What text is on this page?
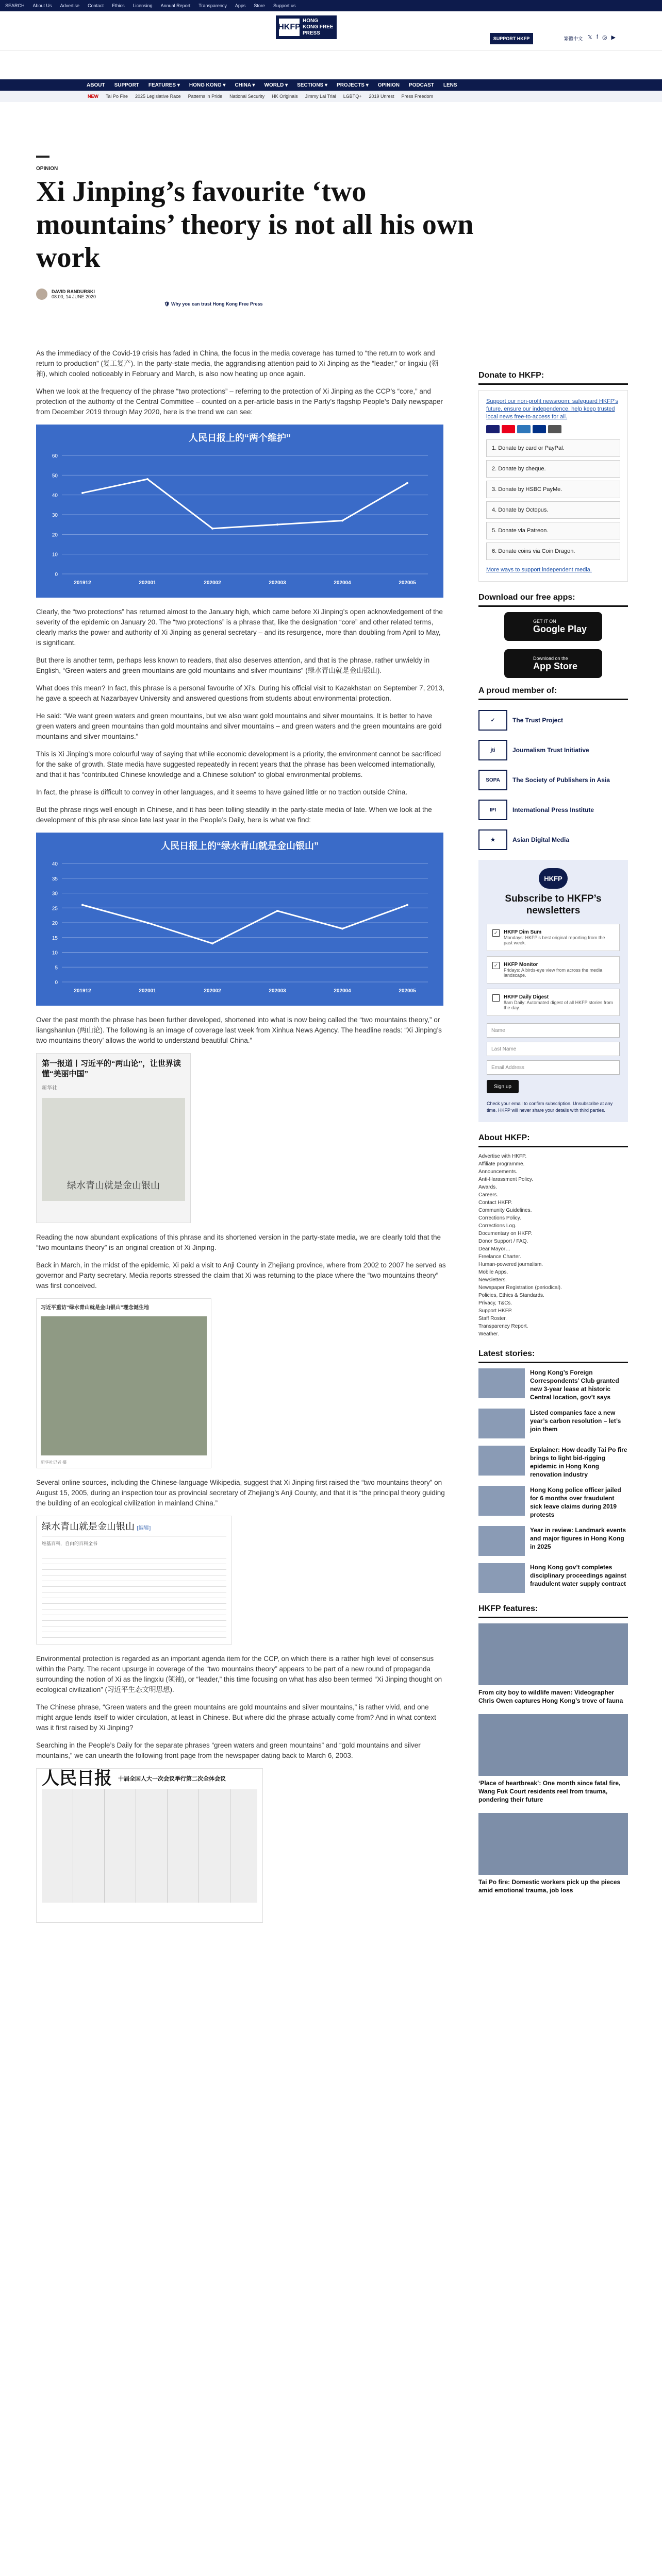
SEARCH About Us Advertise Contact Ethics Licensing Annual Report Transparency Apps Store Support us
HKFP
HONG KONG FREE PRESS
SUPPORT HKFP	繁體中文 𝕏 f ◎ ▶
ABOUT SUPPORT FEATURES ▾ HONG KONG ▾ CHINA ▾ WORLD ▾ SECTIONS ▾ PROJECTS ▾ OPINION PODCAST LENS
NEW Tai Po Fire 2025 Legislative Race Patterns in Pride National Security HK Originals Jimmy Lai Trial LGBTQ+ 2019 Unrest Press Freedom
OPINION
Xi Jinping’s favourite ‘two mountains’ theory is not all his own work
DAVID BANDURSKI
08:00, 14 JUNE 2020
🛡 Why you can trust Hong Kong Free Press

As the immediacy of the Covid-19 crisis has faded in China, the focus in the media coverage has turned to “the return to work and return to production” (复工复产). In the party-state media, the aggrandising attention paid to Xi Jinping as the “leader,” or lingxiu (领袖), which cooled noticeably in February and March, is also now heating up once again.

When we look at the frequency of the phrase “two protections” – referring to the protection of Xi Jinping as the CCP’s “core,” and protection of the authority of the Central Committee – counted on a per-article basis in the Party’s flagship People’s Daily newspaper from December 2019 through May 2020, here is the trend we can see:

人民日报上的“两个维护”
0
10
20
30
40
50
60
201912	202001	202002	202003	202004	202005

Clearly, the “two protections” has returned almost to the January high, which came before Xi Jinping’s open acknowledgement of the severity of the epidemic on January 20. The “two protections” is a phrase that, like the designation “core” and other related terms, clearly marks the power and authority of Xi Jinping as general secretary – and its resurgence, more than doubling from April to May, is significant.

But there is another term, perhaps less known to readers, that also deserves attention, and that is the phrase, rather unwieldy in English, “Green waters and green mountains are gold mountains and silver mountains” (绿水青山就是金山银山).

What does this mean? In fact, this phrase is a personal favourite of Xi’s. During his official visit to Kazakhstan on September 7, 2013, he gave a speech at Nazarbayev University and answered questions from students about environmental protection.

He said: “We want green waters and green mountains, but we also want gold mountains and silver mountains. It is better to have green waters and green mountains than gold mountains and silver mountains – and green waters and the green mountains are gold mountains and silver mountains.”

This is Xi Jinping’s more colourful way of saying that while economic development is a priority, the environment cannot be sacrificed for the sake of growth. State media have suggested repeatedly in recent years that the phrase has been welcomed internationally, and that it has “contributed Chinese knowledge and a Chinese solution” to global environmental problems.

In fact, the phrase is difficult to convey in other languages, and it seems to have gained little or no traction outside China.

But the phrase rings well enough in Chinese, and it has been tolling steadily in the party-state media of late. When we look at the development of this phrase since late last year in the People’s Daily, here is what we find:

人民日报上的“绿水青山就是金山银山”
0
5
10
15
20
25
30
35
40
201912	202001	202002	202003	202004	202005

Over the past month the phrase has been further developed, shortened into what is now being called the “two mountains theory,” or liangshanlun (两山论). The following is an image of coverage last week from Xinhua News Agency. The headline reads: “Xi Jinping’s two mountains theory’ allows the world to understand beautiful China.”

第一报道丨习近平的“两山论”，让世界读懂“美丽中国”
新华社
绿水青山就是金山银山

Reading the now abundant explications of this phrase and its shortened version in the party-state media, we are clearly told that the “two mountains theory” is an original creation of Xi Jinping.

Back in March, in the midst of the epidemic, Xi paid a visit to Anji County in Zhejiang province, where from 2002 to 2007 he served as governor and Party secretary. Media reports stressed the claim that Xi was returning to the place where the “two mountains theory” was first conceived.

习近平重访“绿水青山就是金山银山”理念诞生地
新华社记者 摄

Several online sources, including the Chinese-language Wikipedia, suggest that Xi Jinping first raised the “two mountains theory” on August 15, 2005, during an inspection tour as provincial secretary of Zhejiang’s Anji County, and that it is “the principal theory guiding the building of an ecological civilization in mainland China.”

绿水青山就是金山银山 [编辑]
维基百科，自由的百科全书

Environmental protection is regarded as an important agenda item for the CCP, on which there is a rather high level of consensus within the Party. The recent upsurge in coverage of the “two mountains theory” appears to be part of a new round of propaganda surrounding the notion of Xi as the lingxiu (领袖), or “leader,” this time focusing on what has also been termed “Xi Jinping thought on ecological civilization” (习近平生态文明思想).

The Chinese phrase, “Green waters and the green mountains are gold mountains and silver mountains,” is rather vivid, and one might argue lends itself to wider circulation, at least in Chinese. But where did the phrase actually come from? And in what context was it first raised by Xi Jinping?

Searching in the People’s Daily for the separate phrases “green waters and green mountains” and “gold mountains and silver mountains,” we can unearth the following front page from the newspaper dating back to March 6, 2003.

人民日报 十届全国人大一次会议举行第二次全体会议
Donate to HKFP:
Support our non-profit newsroom: safeguard HKFP’s future, ensure our independence, help keep trusted local news free-to-access for all.
1. Donate by card or PayPal.
2. Donate by cheque.
3. Donate by HSBC PayMe.
4. Donate by Octopus.
5. Donate via Patreon.
6. Donate coins via Coin Dragon.
More ways to support independent media.
Download our free apps:
GET IT ON
Google Play
Download on the
App Store
A proud member of:
✓	The Trust Project
jti	Journalism Trust Initiative
SOPA	The Society of Publishers in Asia
IPI	International Press Institute
★	Asian Digital Media
HKFP
Subscribe to HKFP’s newsletters
✓ HKFP Dim Sum
Mondays: HKFP’s best original reporting from the past week.
✓ HKFP Monitor
Fridays: A birds-eye view from across the media landscape.
HKFP Daily Digest
8am Daily: Automated digest of all HKFP stories from the day.
Name
Last Name
Email Address
Sign up
Check your email to confirm subscription. Unsubscribe at any time. HKFP will never share your details with third parties.
About HKFP:
Advertise with HKFP.
Affiliate programme.
Announcements.
Anti-Harassment Policy.
Awards.
Careers.
Contact HKFP.
Community Guidelines.
Corrections Policy.
Corrections Log.
Documentary on HKFP.
Donor Support / FAQ.
Dear Mayor…
Freelance Charter.
Human-powered journalism.
Mobile Apps.
Newsletters.
Newspaper Registration (periodical).
Policies, Ethics & Standards.
Privacy, T&Cs.
Support HKFP.
Staff Roster.
Transparency Report.
Weather.
Latest stories:
Hong Kong’s Foreign Correspondents’ Club granted new 3-year lease at historic Central location, gov’t says
Listed companies face a new year’s carbon resolution – let’s join them
Explainer: How deadly Tai Po fire brings to light bid-rigging epidemic in Hong Kong renovation industry
Hong Kong police officer jailed for 6 months over fraudulent sick leave claims during 2019 protests
Year in review: Landmark events and major figures in Hong Kong in 2025
Hong Kong gov’t completes disciplinary proceedings against fraudulent water supply contract
HKFP features:
From city boy to wildlife maven: Videographer Chris Owen captures Hong Kong’s trove of fauna
‘Place of heartbreak’: One month since fatal fire, Wang Fuk Court residents reel from trauma, pondering their future
Tai Po fire: Domestic workers pick up the pieces amid emotional trauma, job loss
